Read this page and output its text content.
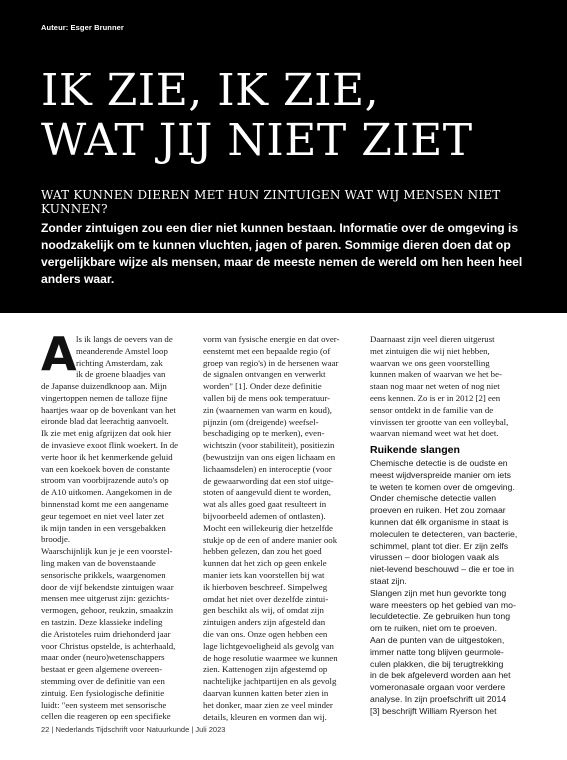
Auteur: Esger Brunner
IK ZIE, IK ZIE,
WAT JIJ NIET ZIET
WAT KUNNEN DIEREN MET HUN ZINTUIGEN WAT WIJ MENSEN NIET KUNNEN?
Zonder zintuigen zou een dier niet kunnen bestaan. Informatie over de omgeving is
noodzakelijk om te kunnen vluchten, jagen of paren. Sommige dieren doen dat op
vergelijkbare wijze als mensen, maar de meeste nemen de wereld om hen heen heel
anders waar.
A ls ik langs de oevers van de
meanderende Amstel loop
richting Amsterdam, zak
ik de groene blaadjes van
de Japanse duizendknoop aan. Mijn
vingertoppen nemen de talloze fijne
haartjes waar op de bovenkant van het
eironde blad dat leerachtig aanvoelt.
Ik zie met enig afgrijzen dat ook hier
de invasieve exoot flink woekert. In de
verte hoor ik het kenmerkende geluid
van een koekoek boven de constante
stroom van voorbijrazende auto's op
de A10 uitkomen. Aangekomen in de
binnenstad komt me een aangename
geur tegemoet en niet veel later zet
ik mijn tanden in een versgebakken
broodje.
Waarschijnlijk kun je je een voorstel-
ling maken van de bovenstaande
sensorische prikkels, waargenomen
door de vijf bekendste zintuigen waar
mensen mee uitgerust zijn: gezichts-
vermogen, gehoor, reukzin, smaakzin
en tastzin. Deze klassieke indeling
die Aristoteles ruim driehonderd jaar
voor Christus opstelde, is achterhaald,
maar onder (neuro)wetenschappers
bestaat er geen algemene overeen-
stemming over de definitie van een
zintuig. Een fysiologische definitie
luidt: "een systeem met sensorische
cellen die reageren op een specifieke
vorm van fysische energie en dat over-
eenstemt met een bepaalde regio (of
groep van regio's) in de hersenen waar
de signalen ontvangen en verwerkt
worden" [1]. Onder deze definitie
vallen bij de mens ook temperatuur-
zin (waarnemen van warm en koud),
pijnzin (om (dreigende) weefsel-
beschadiging op te merken), even-
wichtszin (voor stabiliteit), positiezin
(bewustzijn van ons eigen lichaam en
lichaamsdelen) en interoceptie (voor
de gewaarwording dat een stof uitge-
stoten of aangevuld dient te worden,
wat als alles goed gaat resulteert in
bijvoorbeeld ademen of ontlasten).
Mocht een willekeurig dier hetzelfde
stukje op de een of andere manier ook
hebben gelezen, dan zou het goed
kunnen dat het zich op geen enkele
manier iets kan voorstellen bij wat
ik hierboven beschreef. Simpelweg
omdat het niet over dezelfde zintui-
gen beschikt als wij, of omdat zijn
zintuigen anders zijn afgesteld dan
die van ons. Onze ogen hebben een
lage lichtgevoeligheid als gevolg van
de hoge resolutie waarmee we kunnen
zien. Kattenogen zijn afgestemd op
nachtelijke jachtpartijen en als gevolg
daarvan kunnen katten beter zien in
het donker, maar zien ze veel minder
details, kleuren en vormen dan wij.
Daarnaast zijn veel dieren uitgerust
met zintuigen die wij niet hebben,
waarvan we ons geen voorstelling
kunnen maken of waarvan we het be-
staan nog maar net weten of nog niet
eens kennen. Zo is er in 2012 [2] een
sensor ontdekt in de familie van de
vinvissen ter grootte van een volleybal,
waarvan niemand weet wat het doet.
Ruikende slangen
Chemische detectie is de oudste en
meest wijdverspreide manier om iets
te weten te komen over de omgeving.
Onder chemische detectie vallen
proeven en ruiken. Het zou zomaar
kunnen dat élk organisme in staat is
moleculen te detecteren, van bacterie,
schimmel, plant tot dier. Er zijn zelfs
virussen – door biologen vaak als
niet-levend beschouwd – die er toe in
staat zijn.
Slangen zijn met hun gevorkte tong
ware meesters op het gebied van mo-
leculdetectie. Ze gebruiken hun tong
om te ruiken, niet om te proeven.
Aan de punten van de uitgestoken,
immer natte tong blijven geurmole-
culen plakken, die bij terugtrekking
in de bek afgeleverd worden aan het
vomeronasale orgaan voor verdere
analyse. In zijn proefschrift uit 2014
[3] beschrijft William Ryerson het
22 | Nederlands Tijdschrift voor Natuurkunde | Juli 2023
